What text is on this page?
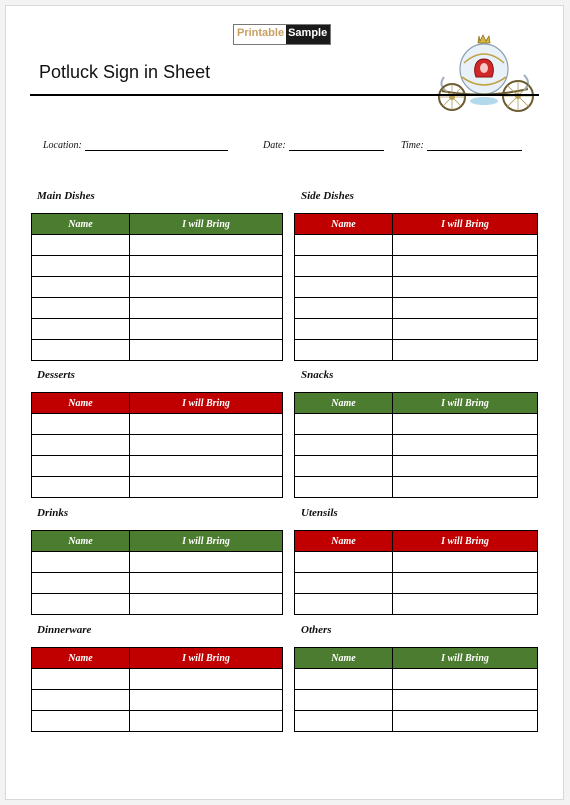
Printable Sample
Potluck Sign in Sheet
Location:	Date:	Time:
Main Dishes	Side Dishes
Desserts	Snacks
Drinks	Utensils
Dinnerware	Others
Name	I will Bring

		Name	I will Bring

Name	I will Bring

		Name	I will Bring

Name	I will Bring

		Name	I will Bring

Name	I will Bring

		Name	I will Bring
